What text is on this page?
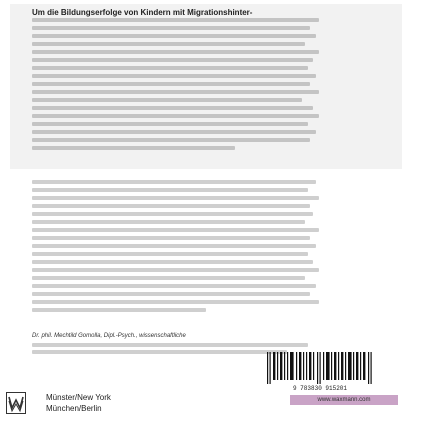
Um die Bildungserfolge von Kindern mit Migrationshinter-

Dr. phil. Mechtild Gomolla, Dipl.-Psych., wissenschaftliche

Münster/New York
München/Berlin
9 783830 915201
www.waxmann.com
